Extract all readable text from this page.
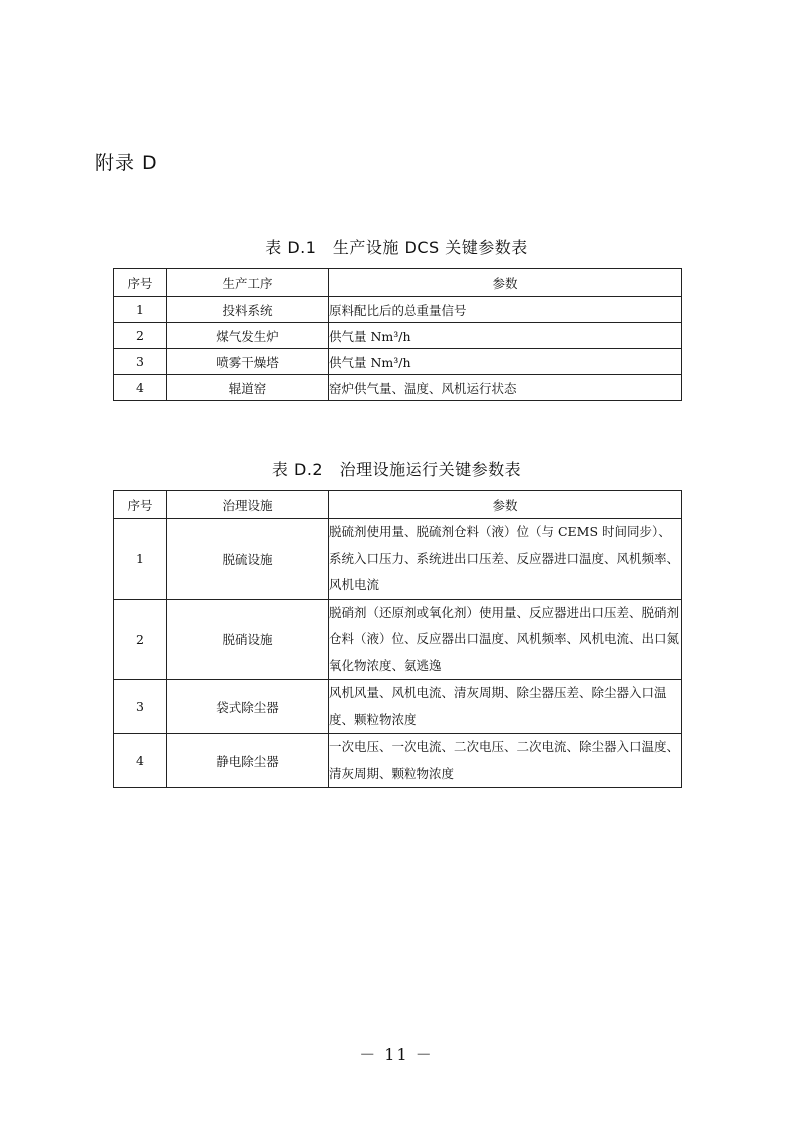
附录 D
表 D.1　生产设施 DCS 关键参数表
序号	生产工序	参数
1	投料系统	原料配比后的总重量信号
2	煤气发生炉	供气量 Nm³/h
3	喷雾干燥塔	供气量 Nm³/h
4	辊道窑	窑炉供气量、温度、风机运行状态
表 D.2　治理设施运行关键参数表
序号	治理设施	参数
1	脱硫设施	脱硫剂使用量、脱硫剂仓料（液）位（与 CEMS 时间同步）、系统入口压力、系统进出口压差、反应器进口温度、风机频率、风机电流
2	脱硝设施	脱硝剂（还原剂或氧化剂）使用量、反应器进出口压差、脱硝剂仓料（液）位、反应器出口温度、风机频率、风机电流、出口氮氧化物浓度、氨逃逸
3	袋式除尘器	风机风量、风机电流、清灰周期、除尘器压差、除尘器入口温度、颗粒物浓度
4	静电除尘器	一次电压、一次电流、二次电压、二次电流、除尘器入口温度、清灰周期、颗粒物浓度
－ 11 －
